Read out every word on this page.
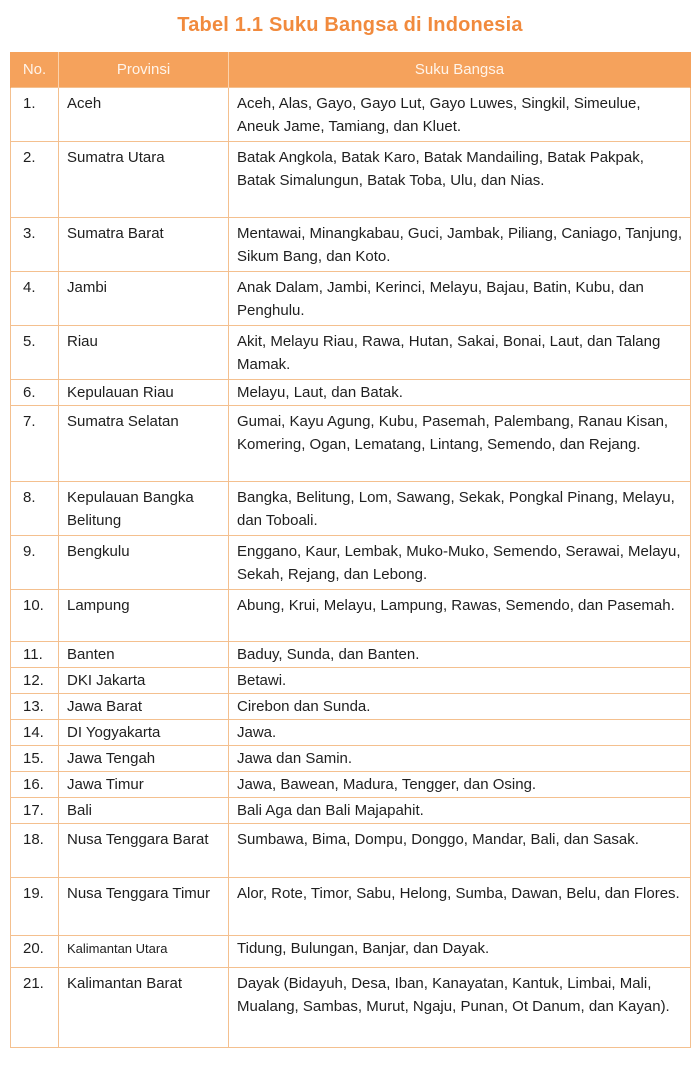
Tabel 1.1 Suku Bangsa di Indonesia
No.	Provinsi	Suku Bangsa
1.	Aceh	Aceh, Alas, Gayo, Gayo Lut, Gayo Luwes, Singkil, Simeulue, Aneuk Jame, Tamiang, dan Kluet.
2.	Sumatra Utara	Batak Angkola, Batak Karo, Batak Mandailing, Batak Pakpak, Batak Simalungun, Batak Toba, Ulu, dan Nias.
3.	Sumatra Barat	Mentawai, Minangkabau, Guci, Jambak, Piliang, Caniago, Tanjung, Sikum Bang, dan Koto.
4.	Jambi	Anak Dalam, Jambi, Kerinci, Melayu, Bajau, Batin, Kubu, dan Penghulu.
5.	Riau	Akit, Melayu Riau, Rawa, Hutan, Sakai, Bonai, Laut, dan Talang Mamak.
6.	Kepulauan Riau	Melayu, Laut, dan Batak.
7.	Sumatra Selatan	Gumai, Kayu Agung, Kubu, Pasemah, Palembang, Ranau Kisan, Komering, Ogan, Lematang, Lintang, Semendo, dan Rejang.
8.	Kepulauan Bangka Belitung	Bangka, Belitung, Lom, Sawang, Sekak, Pongkal Pinang, Melayu, dan Toboali.
9.	Bengkulu	Enggano, Kaur, Lembak, Muko-Muko, Semendo, Serawai, Melayu, Sekah, Rejang, dan Lebong.
10.	Lampung	Abung, Krui, Melayu, Lampung, Rawas, Semendo, dan Pasemah.
11.	Banten	Baduy, Sunda, dan Banten.
12.	DKI Jakarta	Betawi.
13.	Jawa Barat	Cirebon dan Sunda.
14.	DI Yogyakarta	Jawa.
15.	Jawa Tengah	Jawa dan Samin.
16.	Jawa Timur	Jawa, Bawean, Madura, Tengger, dan Osing.
17.	Bali	Bali Aga dan Bali Majapahit.
18.	Nusa Tenggara Barat	Sumbawa, Bima, Dompu, Donggo, Mandar, Bali, dan Sasak.
19.	Nusa Tenggara Timur	Alor, Rote, Timor, Sabu, Helong, Sumba, Dawan, Belu, dan Flores.
20.	Kalimantan Utara	Tidung, Bulungan, Banjar, dan Dayak.
21.	Kalimantan Barat	Dayak (Bidayuh, Desa, Iban, Kanayatan, Kantuk, Limbai, Mali, Mualang, Sambas, Murut, Ngaju, Punan, Ot Danum, dan Kayan).
